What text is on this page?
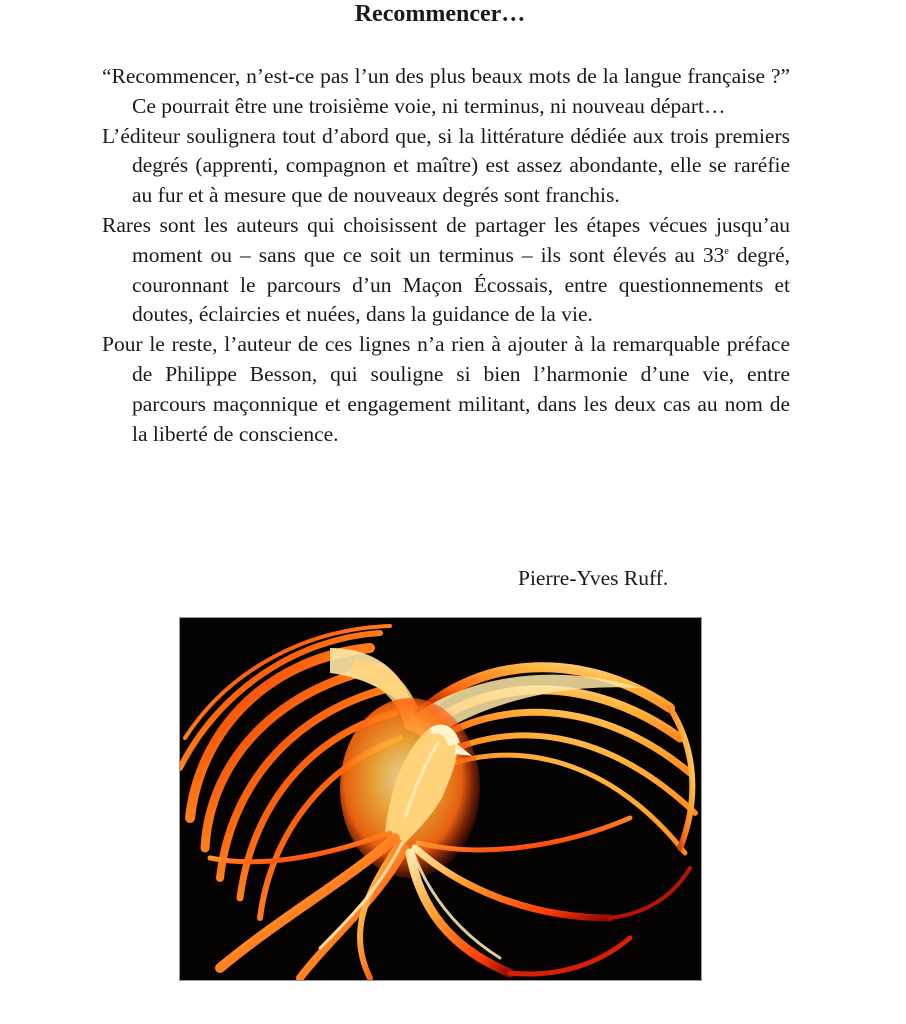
Recommencer…

“Recommencer, n’est-ce pas l’un des plus beaux mots de la langue française ?” Ce pourrait être une troisième voie, ni terminus, ni nouveau départ…

L’éditeur soulignera tout d’abord que, si la littérature dédiée aux trois premiers degrés (apprenti, compagnon et maître) est assez abondante, elle se raréfie au fur et à mesure que de nouveaux degrés sont franchis.

Rares sont les auteurs qui choisissent de partager les étapes vécues jusqu’au moment ou – sans que ce soit un terminus – ils sont élevés au 33e degré, couronnant le parcours d’un Maçon Écossais, entre questionnements et doutes, éclaircies et nuées, dans la guidance de la vie.

Pour le reste, l’auteur de ces lignes n’a rien à ajouter à la remarquable préface de Philippe Besson, qui souligne si bien l’harmonie d’une vie, entre parcours maçonnique et engagement militant, dans les deux cas au nom de la liberté de conscience.

Pierre-Yves Ruff.
